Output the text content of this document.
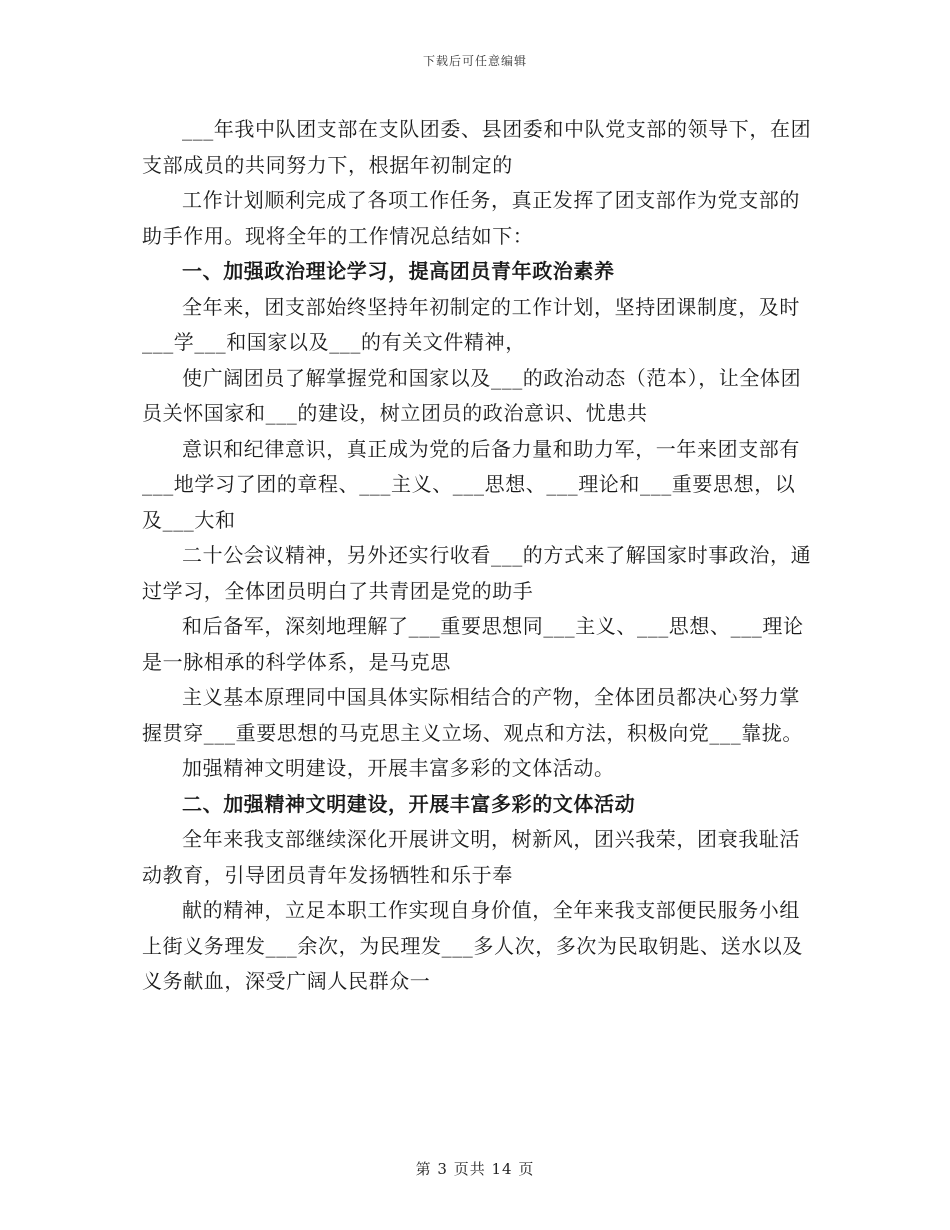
下载后可任意编辑

___年我中队团支部在支队团委、县团委和中队党支部的领导下，在团支部成员的共同努力下，根据年初制定的

工作计划顺利完成了各项工作任务，真正发挥了团支部作为党支部的助手作用。现将全年的工作情况总结如下：

一、加强政治理论学习，提高团员青年政治素养

全年来，团支部始终坚持年初制定的工作计划，坚持团课制度，及时___学___和国家以及___的有关文件精神，

使广阔团员了解掌握党和国家以及___的政治动态（范本），让全体团员关怀国家和___的建设，树立团员的政治意识、忧患共

意识和纪律意识，真正成为党的后备力量和助力军，一年来团支部有___地学习了团的章程、___主义、___思想、___理论和___重要思想，以及___大和

二十公会议精神，另外还实行收看___的方式来了解国家时事政治，通过学习，全体团员明白了共青团是党的助手

和后备军，深刻地理解了___重要思想同___主义、___思想、___理论是一脉相承的科学体系，是马克思

主义基本原理同中国具体实际相结合的产物，全体团员都决心努力掌握贯穿___重要思想的马克思主义立场、观点和方法，积极向党___靠拢。

加强精神文明建设，开展丰富多彩的文体活动。

二、加强精神文明建设，开展丰富多彩的文体活动

全年来我支部继续深化开展讲文明，树新风，团兴我荣，团衰我耻活动教育，引导团员青年发扬牺牲和乐于奉

献的精神，立足本职工作实现自身价值，全年来我支部便民服务小组上街义务理发___余次，为民理发___多人次，多次为民取钥匙、送水以及义务献血，深受广阔人民群众一

第 3 页共 14 页
